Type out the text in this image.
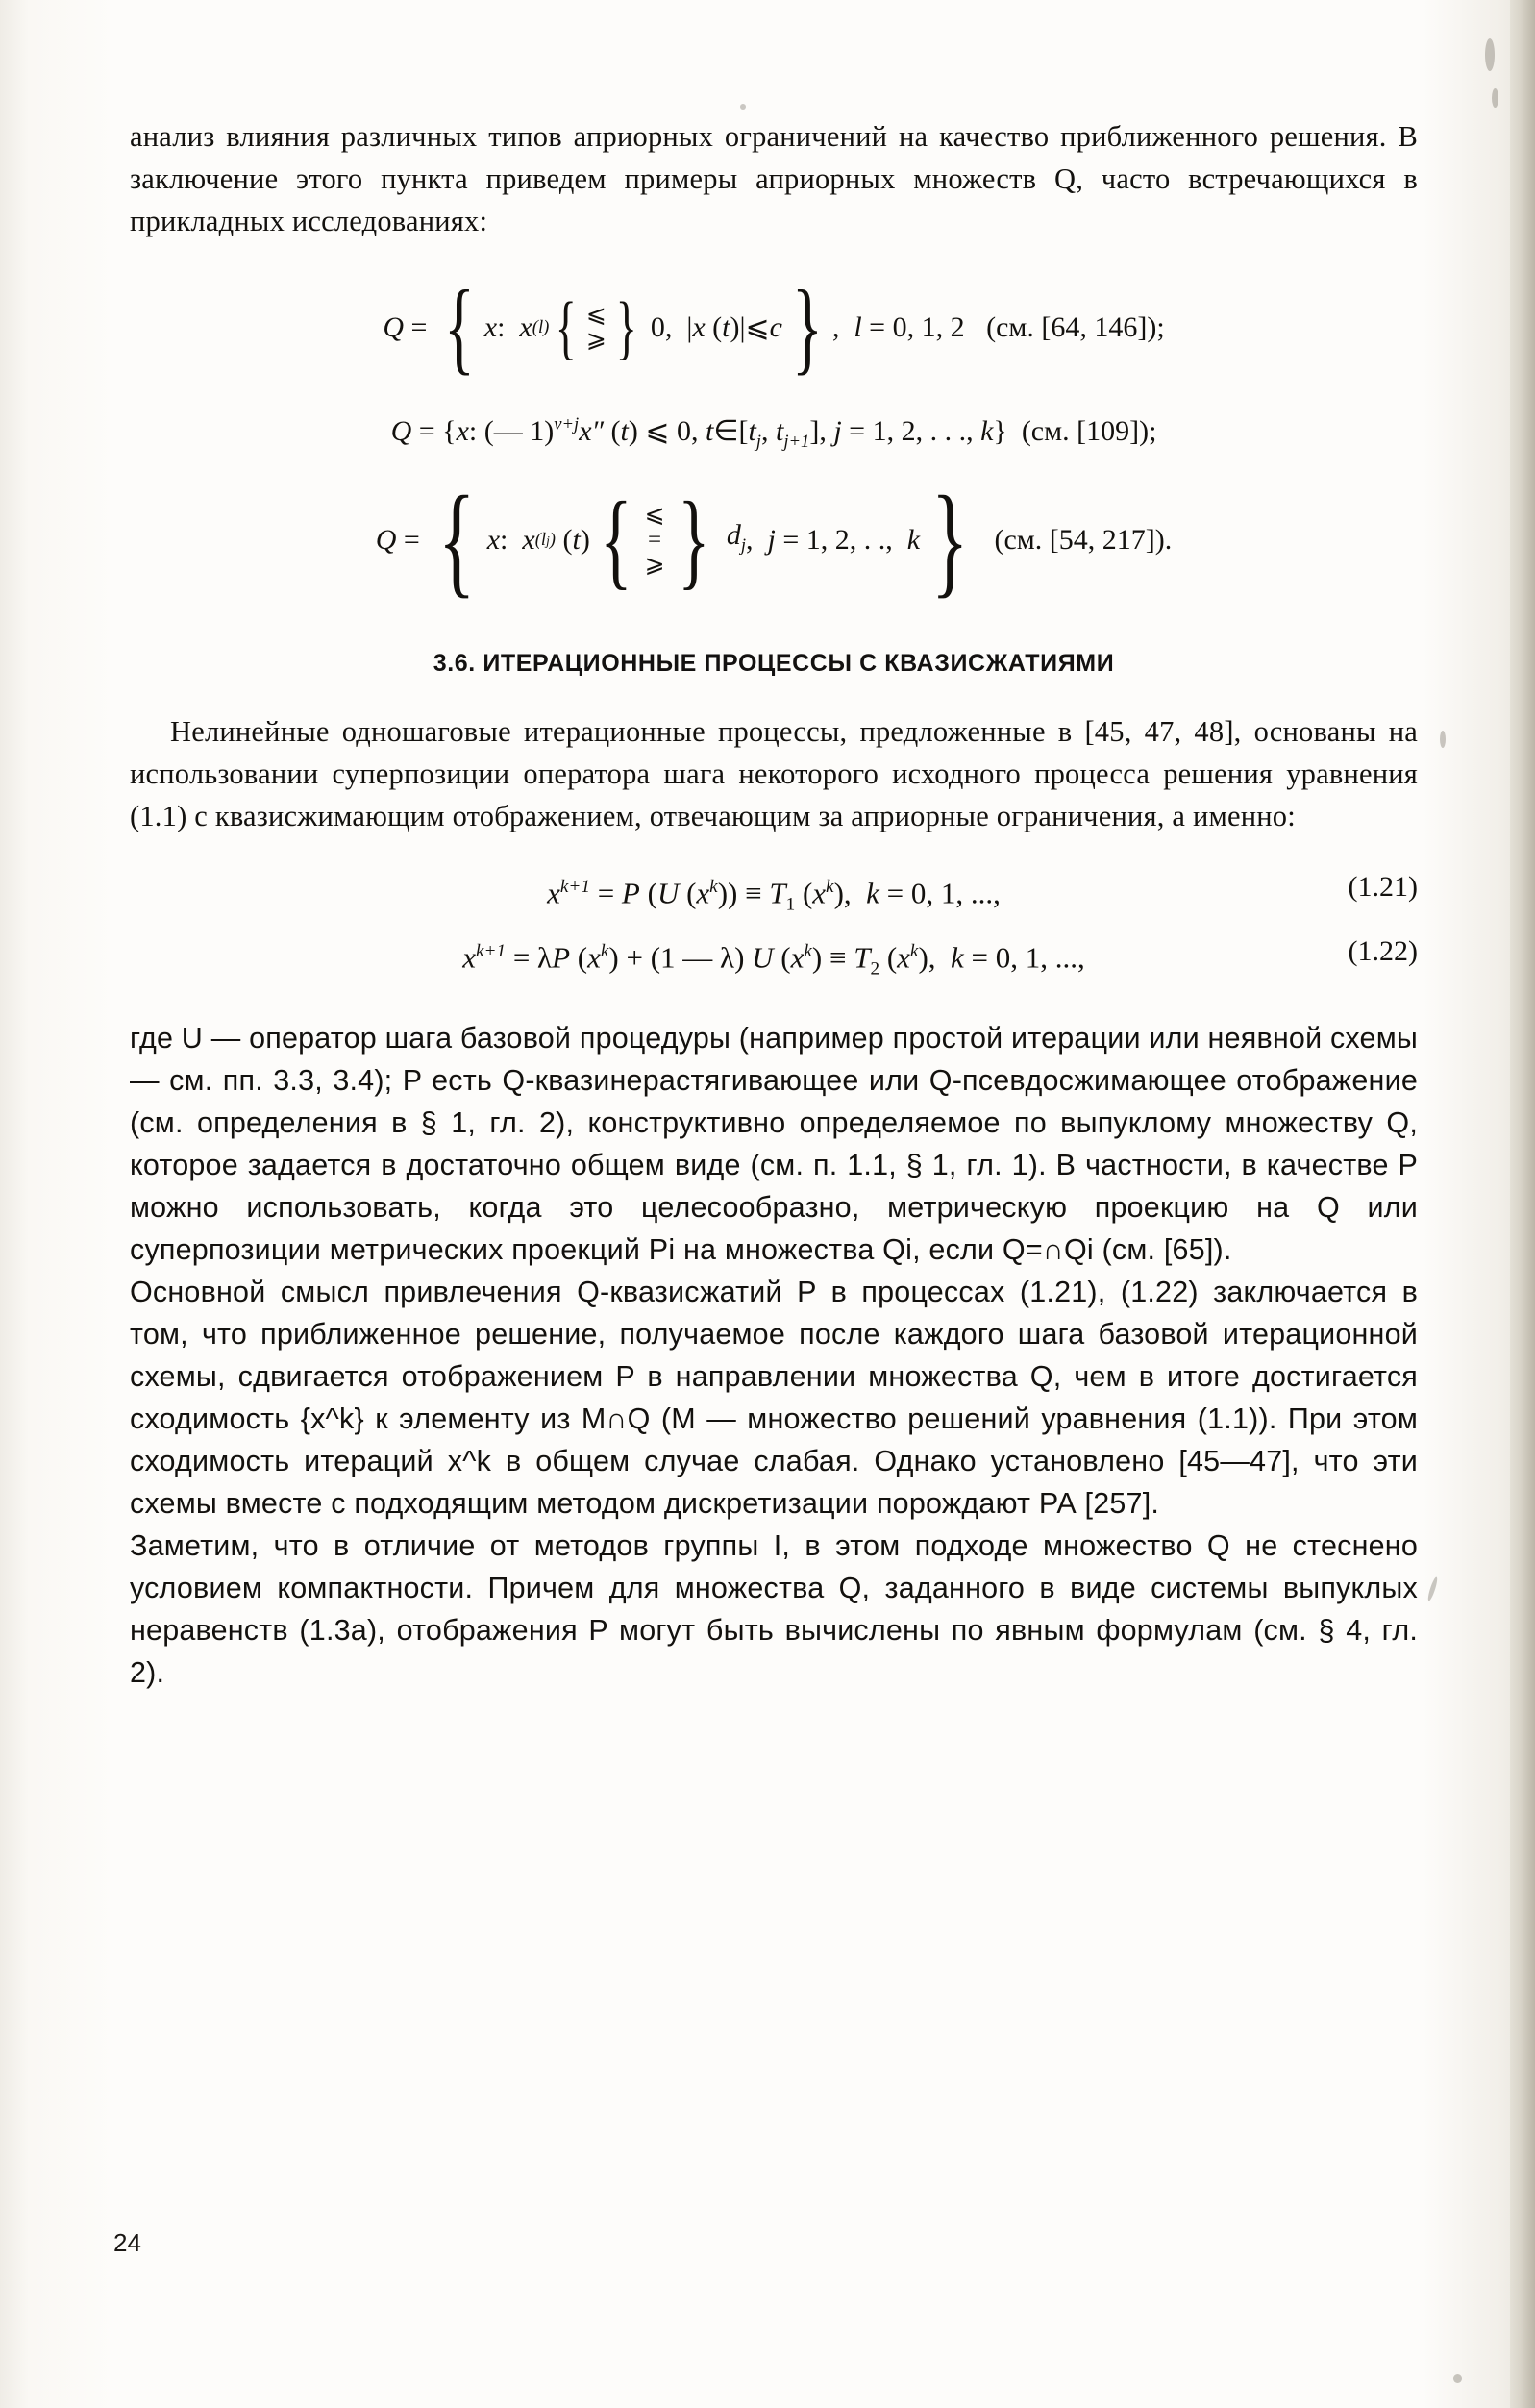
анализ влияния различных типов априорных ограничений на качество приближенного решения. В заключение этого пункта приведем примеры априорных множеств Q, часто встречающихся в прикладных исследованиях:

Q = { x :
x (l) { ⩽
⩾ { 0,  | x ( t )|⩽ c { , l = 0, 1, 2   (см. [64, 146]);
Q = {x: (— 1)$^{\nu+j}$x″ (t) ⩽ 0, $t\in[t_j$, $t_{j+1}$], j = 1, 2, . . ., k}  (см. [109]);
Q = { x :
x (lj) ( t ) { ⩽
=
⩾ {
$d_j$ , j = 1, 2, . ., k { (см. [54, 217]).
3.6. ИТЕРАЦИОННЫЕ ПРОЦЕССЫ С КВАЗИСЖАТИЯМИ

Нелинейные одношаговые итерационные процессы, предложенные в [45, 47, 48], основаны на использовании суперпозиции оператора шага некоторого исходного процесса решения уравнения (1.1) с квазисжимающим отображением, отвечающим за априорные ограничения, а именно:

$x^{k+1} = P$ (U $(x^k)) \equiv T_1$ $(x^k)$,  k = 0, 1, ...,	(1.21)
$x^{k+1} = \lambda P$ $(x^k) + (1$ — λ) U $(x^k) \equiv T_2$ $(x^k)$,  k = 0, 1, ...,	(1.22)

где U — оператор шага базовой процедуры (например простой итерации или неявной схемы — см. пп. 3.3, 3.4); P есть Q-квазинерастягивающее или Q-псевдосжимающее отображение (см. определения в § 1, гл. 2), конструктивно определяемое по выпуклому множеству Q, которое задается в достаточно общем виде (см. п. 1.1, § 1, гл. 1). В частности, в качестве P можно использовать, когда это целесообразно, метрическую проекцию на Q или суперпозиции метрических проекций Pi на множества Qi, если Q=∩Qi (см. [65]).

Основной смысл привлечения Q-квазисжатий P в процессах (1.21), (1.22) заключается в том, что приближенное решение, получаемое после каждого шага базовой итерационной схемы, сдвигается отображением P в направлении множества Q, чем в итоге достигается сходимость {x^k} к элементу из M∩Q (M — множество решений уравнения (1.1)). При этом сходимость итераций x^k в общем случае слабая. Однако установлено [45—47], что эти схемы вместе с подходящим методом дискретизации порождают РА [257].

Заметим, что в отличие от методов группы I, в этом подходе множество Q не стеснено условием компактности. Причем для множества Q, заданного в виде системы выпуклых неравенств (1.3а), отображения P могут быть вычислены по явным формулам (см. § 4, гл. 2).

24
